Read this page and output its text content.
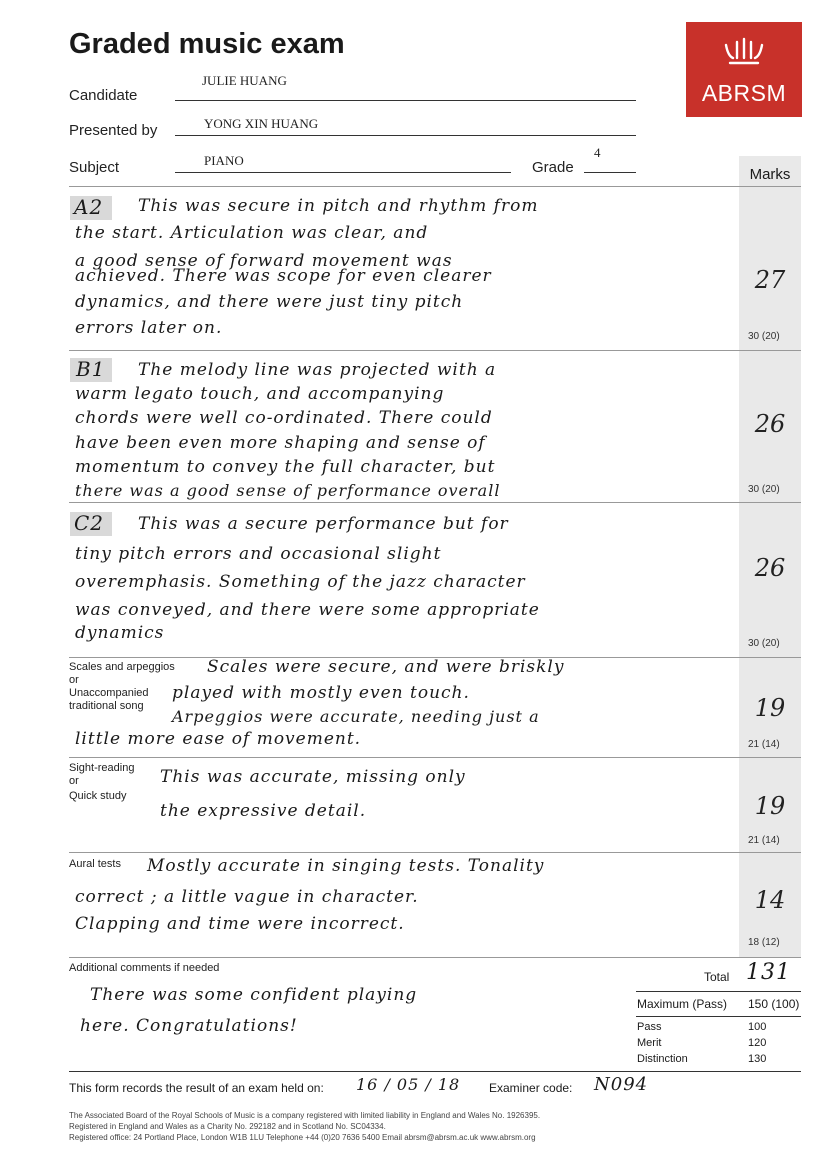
Graded music exam
ABRSM
Candidate
JULIE HUANG
Presented by	YONG XIN HUANG
Subject	PIANO	Grade
4
Marks
A2 This was secure in pitch and rhythm from
the start. Articulation was clear, and
a good sense of forward movement was
achieved. There was scope for even clearer
dynamics, and there were just tiny pitch
errors later on.
27
30 (20)
B1 The melody line was projected with a
warm legato touch, and accompanying
chords were well co-ordinated. There could
have been even more shaping and sense of
momentum to convey the full character, but
there was a good sense of performance overall
26
30 (20)
C2 This was a secure performance but for
tiny pitch errors and occasional slight
overemphasis. Something of the jazz character
was conveyed, and there were some appropriate
dynamics
26
30 (20)
Scales and arpeggios
or
Unaccompanied
traditional song
Scales were secure, and were briskly
played with mostly even touch.
Arpeggios were accurate, needing just a
little more ease of movement.
19
21 (14)
Sight-reading
or
Quick study
This was accurate, missing only
the expressive detail.	19
21 (14)
Aural tests Mostly accurate in singing tests. Tonality
correct ; a little vague in character.
Clapping and time were incorrect.
14
18 (12)
Additional comments if needed
There was some confident playing
here. Congratulations!
Total 131
Maximum (Pass) 150 (100)
Pass	100
Merit	120
Distinction	130
This form records the result of an exam held on: 16 / 05 / 18 Examiner code: N094
The Associated Board of the Royal Schools of Music is a company registered with limited liability in England and Wales No. 1926395.
Registered in England and Wales as a Charity No. 292182 and in Scotland No. SC04334.
Registered office: 24 Portland Place, London W1B 1LU Telephone +44 (0)20 7636 5400 Email abrsm@abrsm.ac.uk www.abrsm.org
